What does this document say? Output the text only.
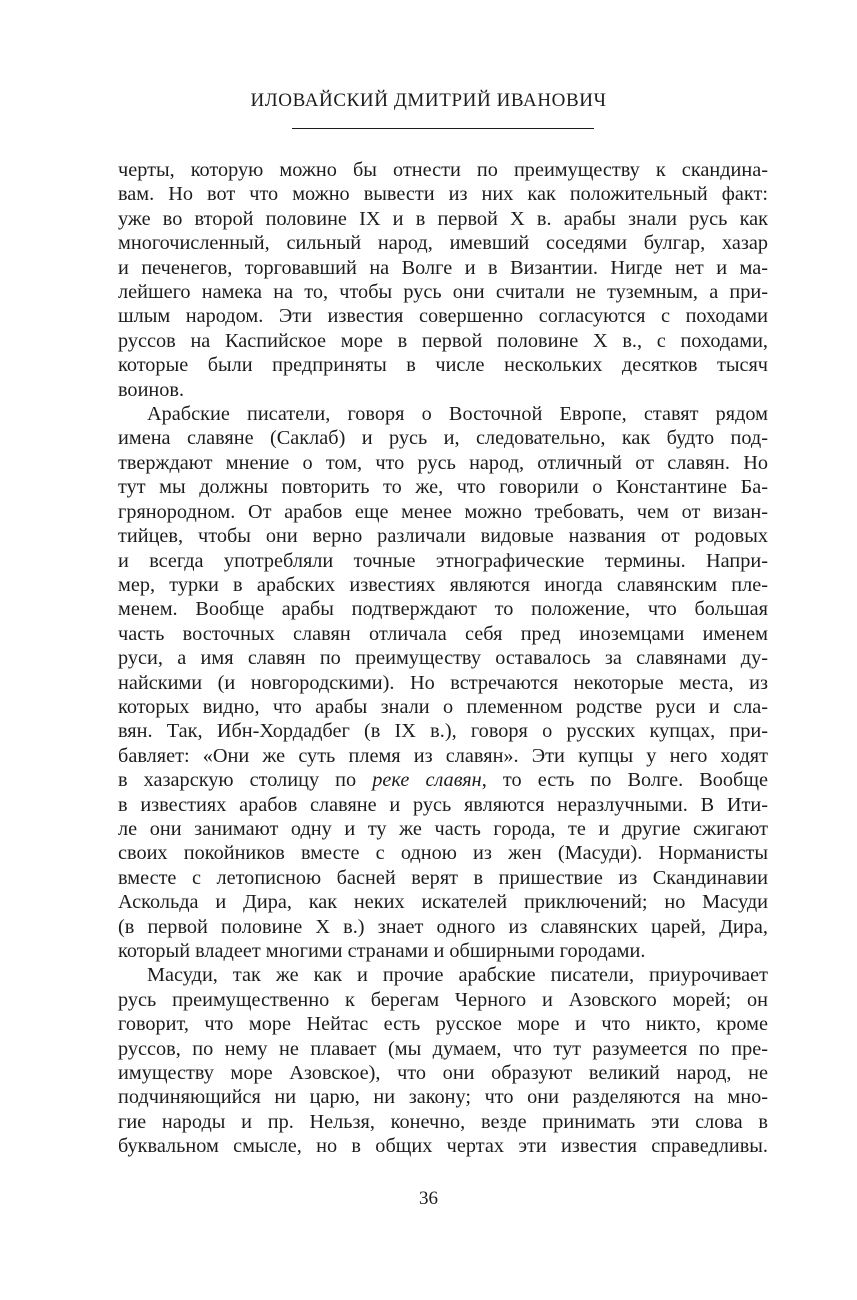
ИЛОВАЙСКИЙ ДМИТРИЙ ИВАНОВИЧ
черты, которую можно бы отнести по преимуществу к скандина-
вам. Но вот что можно вывести из них как положительный факт:
уже во второй половине IX и в первой X в. арабы знали русь как
многочисленный, сильный народ, имевший соседями булгар, хазар
и печенегов, торговавший на Волге и в Византии. Нигде нет и ма-
лейшего намека на то, чтобы русь они считали не туземным, а при-
шлым народом. Эти известия совершенно согласуются с походами
руссов на Каспийское море в первой половине X в., с походами,
которые были предприняты в числе нескольких десятков тысяч
воинов.
Арабские писатели, говоря о Восточной Европе, ставят рядом
имена славяне (Саклаб) и русь и, следовательно, как будто под-
тверждают мнение о том, что русь народ, отличный от славян. Но
тут мы должны повторить то же, что говорили о Константине Ба-
грянородном. От арабов еще менее можно требовать, чем от визан-
тийцев, чтобы они верно различали видовые названия от родовых
и всегда употребляли точные этнографические термины. Напри-
мер, турки в арабских известиях являются иногда славянским пле-
менем. Вообще арабы подтверждают то положение, что большая
часть восточных славян отличала себя пред иноземцами именем
руси, а имя славян по преимуществу оставалось за славянами ду-
найскими (и новгородскими). Но встречаются некоторые места, из
которых видно, что арабы знали о племенном родстве руси и сла-
вян. Так, Ибн-Хордадбег (в IX в.), говоря о русских купцах, при-
бавляет: «Они же суть племя из славян». Эти купцы у него ходят
в хазарскую столицу по реке славян, то есть по Волге. Вообще
в известиях арабов славяне и русь являются неразлучными. В Ити-
ле они занимают одну и ту же часть города, те и другие сжигают
своих покойников вместе с одною из жен (Масуди). Норманисты
вместе с летописною басней верят в пришествие из Скандинавии
Аскольда и Дира, как неких искателей приключений; но Масуди
(в первой половине X в.) знает одного из славянских царей, Дира,
который владеет многими странами и обширными городами.
Масуди, так же как и прочие арабские писатели, приурочивает
русь преимущественно к берегам Черного и Азовского морей; он
говорит, что море Нейтас есть русское море и что никто, кроме
руссов, по нему не плавает (мы думаем, что тут разумеется по пре-
имуществу море Азовское), что они образуют великий народ, не
подчиняющийся ни царю, ни закону; что они разделяются на мно-
гие народы и пр. Нельзя, конечно, везде принимать эти слова в
буквальном смысле, но в общих чертах эти известия справедливы.
36
